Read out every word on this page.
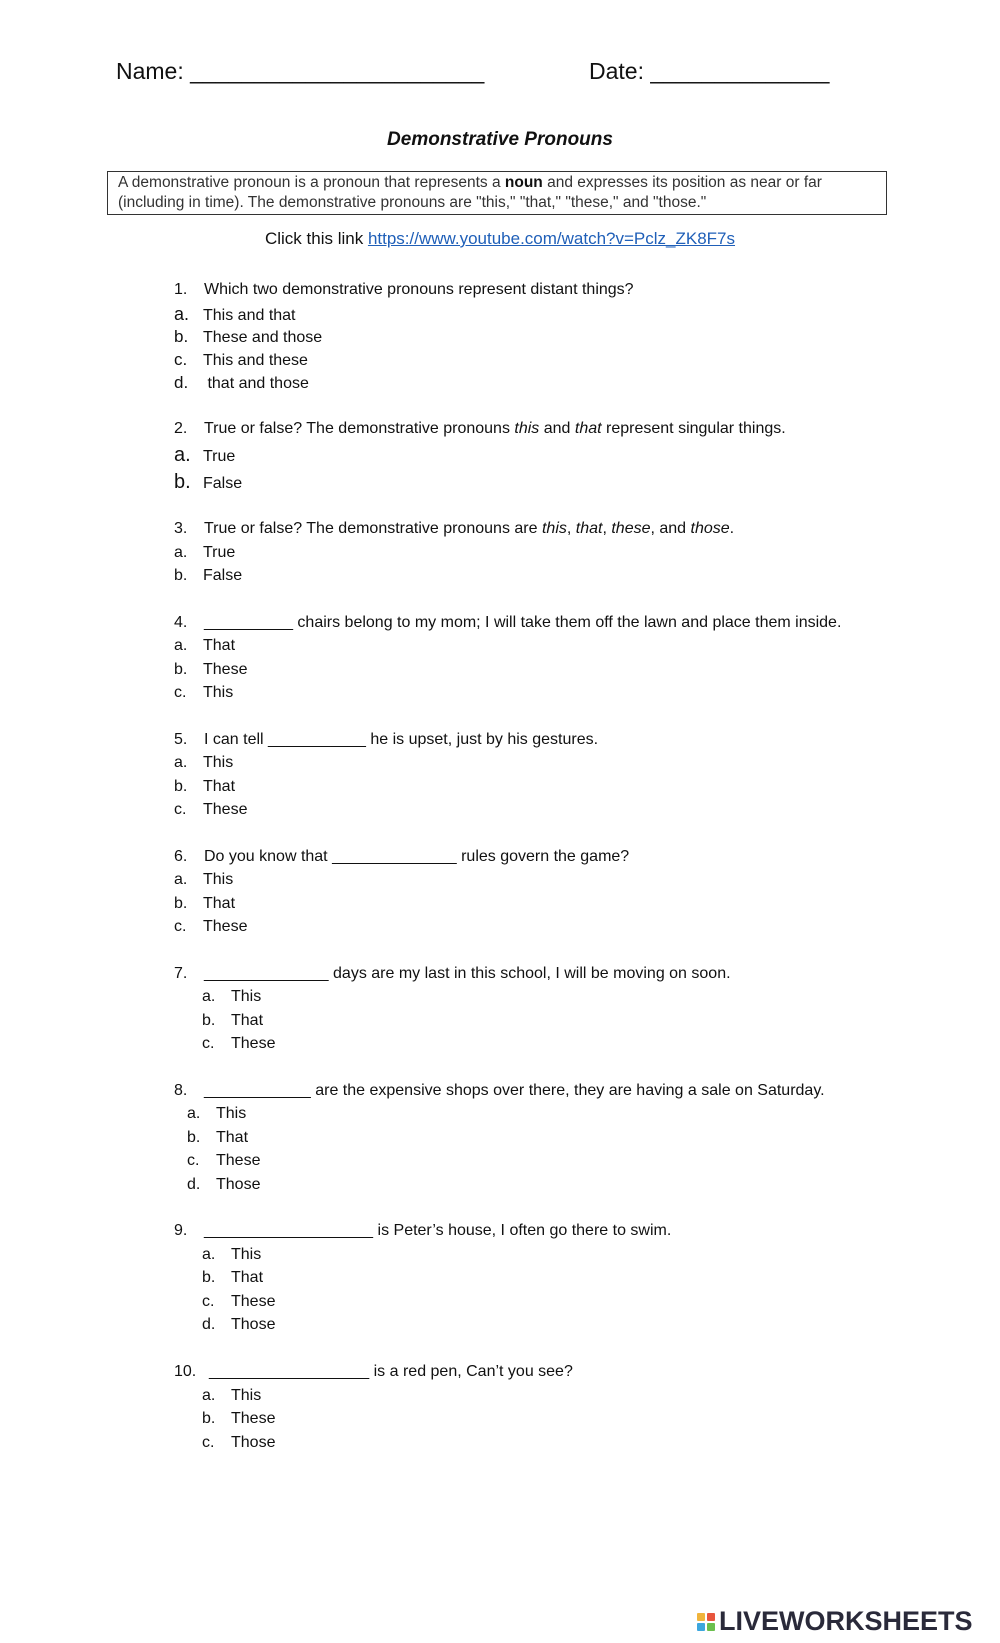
Name: _______________________	Date: ______________
Demonstrative Pronouns
A demonstrative pronoun is a pronoun that represents a noun and expresses its position as near or far
(including in time). The demonstrative pronouns are "this," "that," "these," and "those."
Click this link https://www.youtube.com/watch?v=Pclz_ZK8F7s
1. Which two demonstrative pronouns represent distant things?
a. This and that
b. These and those
c. This and these
d. that and those
2. True or false? The demonstrative pronouns this and that represent singular things.
a. True
b. False
3. True or false? The demonstrative pronouns are this, that, these, and those.
a. True
b. False
4. __________ chairs belong to my mom; I will take them off the lawn and place them inside.
a. That
b. These
c. This
5. I can tell ___________ he is upset, just by his gestures.
a. This
b. That
c. These
6. Do you know that ______________ rules govern the game?
a. This
b. That
c. These
7. ______________ days are my last in this school, I will be moving on soon.
a. This
b. That
c. These
8. ____________ are the expensive shops over there, they are having a sale on Saturday.
a. This
b. That
c. These
d. Those
9. ___________________ is Peter’s house, I often go there to swim.
a. This
b. That
c. These
d. Those
10. __________________ is a red pen, Can’t you see?
a. This
b. These
c. Those
LIVEWORKSHEETS
